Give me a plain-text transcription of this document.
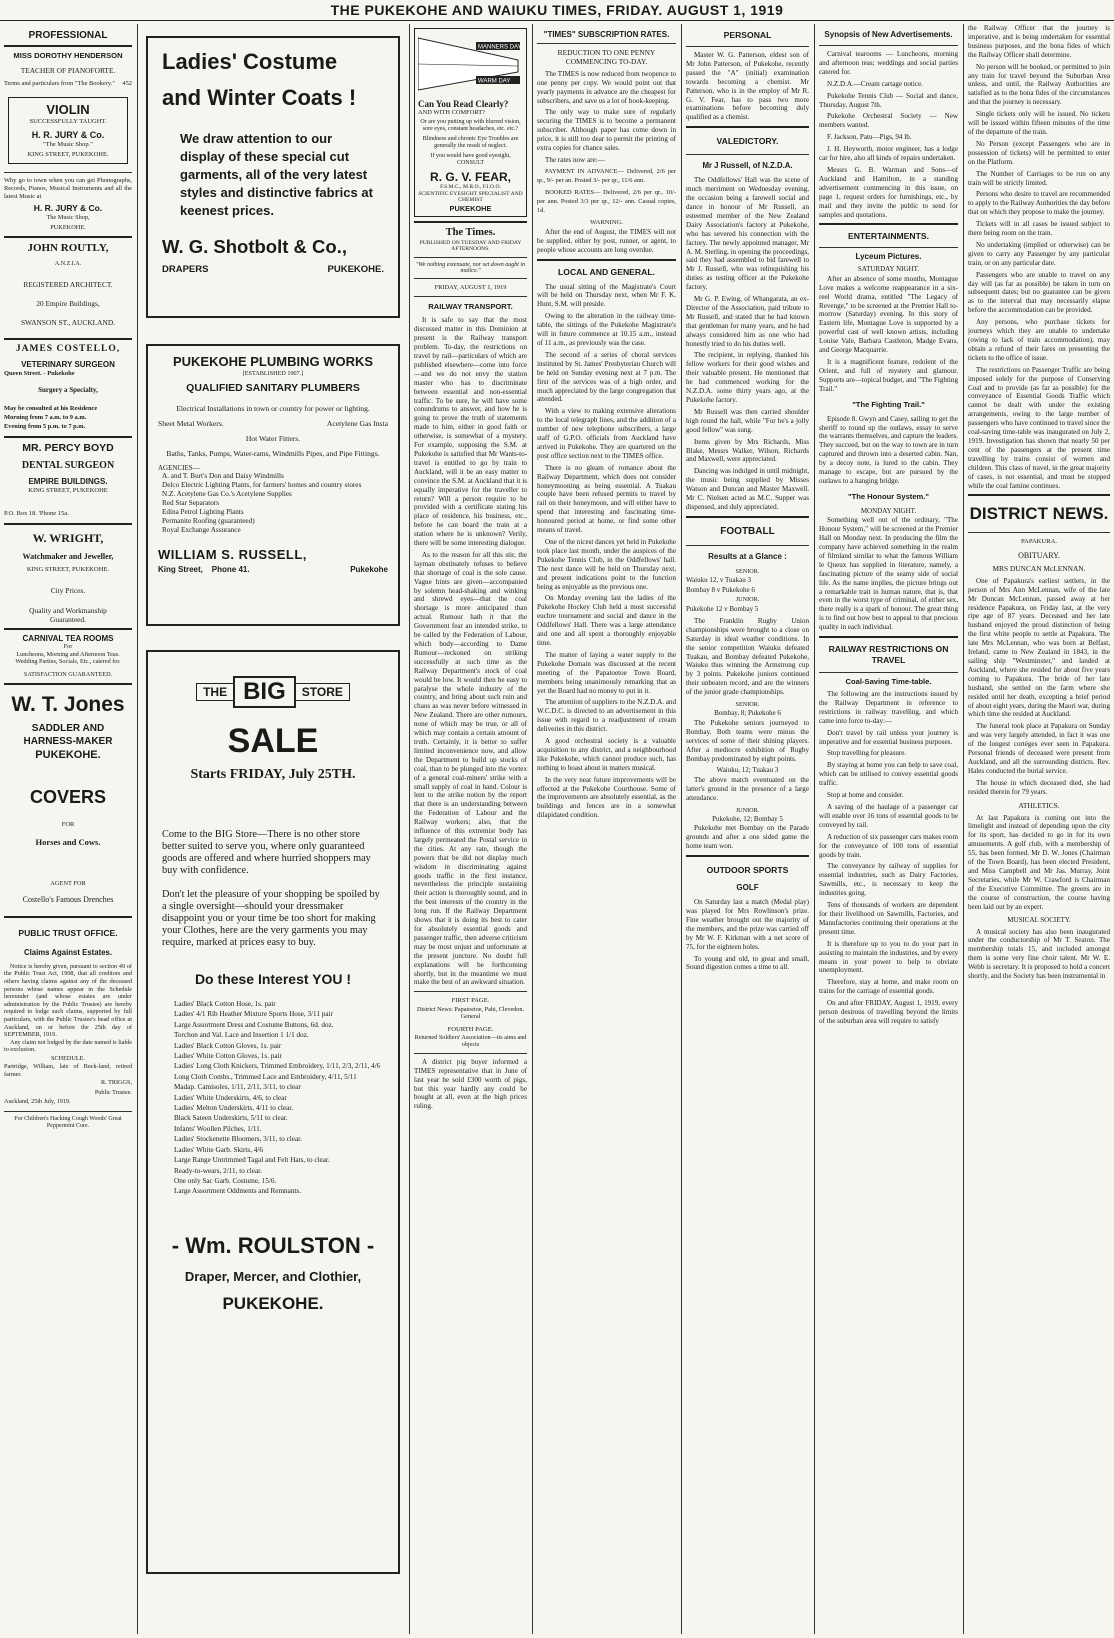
THE PUKEKOHE AND WAIUKU TIMES, FRIDAY. AUGUST 1, 1919
PROFESSIONAL
MISS DOROTHY HENDERSON
TEACHER OF PIANOFORTE.
Terms and particulars from "The Bookery." 452
VIOLIN
SUCCESSFULLY TAUGHT.
H. R. JURY & Co.
"The Music Shop."
KING STREET, PUKEKOHE.
Why go to town when you can get Phonographs, Records, Pianos, Musical Instruments and all the latest Music at
H. R. JURY & Co.
The Music Shop,
PUKEKOHE.
JOHN ROUTLY,
A.N.Z.I.A.
REGISTERED ARCHITECT.
20 Empire Buildings,
SWANSON ST., AUCKLAND.
JAMES COSTELLO,
VETERINARY SURGEON
Queen Street. - Pukekohe
Surgery a Specialty,
May be consulted at his Residence
Morning from 7 a.m. to 9 a.m.
Evening from 5 p.m. to 7 p.m.
MR. PERCY BOYD
DENTAL SURGEON
EMPIRE BUILDINGS.
KING STREET, PUKEKOHE
P.O. Box 18. 'Phone 15a.
W. WRIGHT,
Watchmaker and Jeweller,
KING STREET, PUKEKOHE.
City Prices.
Quality and Workmanship
Guaranteed.
CARNIVAL TEA ROOMS
For
Luncheons, Morning and Afternoon Teas.
Wedding Parties, Socials, Etc., catered for.
SATISFACTION GUARANTEED.
W. T. Jones
SADDLER AND
HARNESS-MAKER
PUKEKOHE.
COVERS
FOR
Horses and Cows.
AGENT FOR
Costello's Famous Drenches
PUBLIC TRUST OFFICE.
Claims Against Estates.
Notice is hereby given, pursuant to section 49 of the Public Trust Act, 1908, that all creditors and others having claims against any of the deceased persons whose names appear in the Schedule hereunder (and whose estates are under administration by the Public Trustee) are hereby required to lodge such claims, supported by full particulars, with the Public Trustee's head office at Auckland, on or before the 25th day of SEPTEMBER, 1919.
Any claim not lodged by the date named is liable to exclusion.
SCHEDULE.
Partridge, William, late of Buck-land, retired farmer.
R. TRIGGS,
Public Trustee.
Auckland, 25th July, 1919.
For Children's Hacking Cough Woods' Great Peppermint Cure.
Ladies' Costume
and Winter Coats !
We draw attention to our display of these special cut garments, all of the very latest styles and distinctive fabrics at keenest prices.
W. G. Shotbolt & Co.,
DRAPERS	PUKEKOHE.
PUKEKOHE PLUMBING WORKS
[ESTABLISHED 1907.]
QUALIFIED SANITARY PLUMBERS
Electrical Installations in town or country for power or lighting.
Sheet Metal Workers.	Acetylene Gas Insta
Hot Water Fitters.
Baths, Tanks, Pumps, Water-rams, Windmills Pipes, and Pipe Fittings.
AGENCIES—
A. and T. Burt's Don and Daisy Windmills
Delco Electric Lighting Plants, for farmers' homes and country stores
N.Z. Acetylene Gas Co.'s Acetylene Supplies
Red Star Separators
Edina Petrol Lighting Plants
Permanite Roofing (guaranteed)
Royal Exchange Assurance
WILLIAM S. RUSSELL,
King Street, Phone 41.	Pukekohe
THE BIG	STORE
SALE
Starts FRIDAY, July 25TH.
Come to the BIG Store—There is no other store better suited to serve you, where only guaranteed goods are offered and where hurried shoppers may buy with confidence.
Don't let the pleasure of your shopping be spoiled by a single oversight—should your dressmaker disappoint you or your time be too short for making your Clothes, here are the very garments you may require, marked at prices easy to buy.
Do these Interest YOU !
Ladies' Black Cotton Hose, 1s. pair
Ladies' 4/1 Rib Heather Mixture Sports Hose, 3/11 pair
Large Assortment Dress and Costume Buttons, 6d. doz.
Torchon and Val. Lace and Insertion 1 1/1 doz.
Ladies' Black Cotton Gloves, 1s. pair
Ladies' White Cotton Gloves, 1s. pair
Ladies' Long Cloth Knickers, Trimmed Embroidery, 1/11, 2/3, 2/11, 4/6
Long Cloth Combs., Trimmed Lace and Embroidery, 4/11, 5/11
Madap. Camisoles, 1/11, 2/11, 3/11, to clear
Ladies' White Underskirts, 4/6, to clear
Ladies' Melton Underskirts, 4/11 to clear.
Black Sateen Underskirts, 5/11 to clear.
Infants' Woollen Pilches, 1/11.
Ladies' Stockenette Bloomers, 3/11, to clear.
Ladies' White Garb. Skirts, 4/6
Large Range Untrimmed Tagal and Felt Hats, to clear.
Ready-to-wears, 2/11, to clear.
One only Sac Garb. Costume, 15/6.
Large Assortment Oddments and Remnants.
- Wm. ROULSTON -
Draper, Mercer, and Clothier,
PUKEKOHE.
MANNERS DAY
WARM DAY
Can You Read Clearly?
AND WITH COMFORT?
Or are you putting up with blurred vision, sore eyes, constant headaches, etc. etc.?
Blindness and chronic Eye Troubles are generally the result of neglect.
If you would have good eyesight, CONSULT
R. G. V. FEAR,
F.S.M.C., M.R.O., F.I.O.O.
SCIENTIFIC EYESIGHT SPECIALIST AND CHEMIST
PUKEKOHE
The Times.
PUBLISHED ON TUESDAY AND FRIDAY AFTERNOONS.
"We nothing extenuate, nor set down aught in malice."
FRIDAY, AUGUST 1, 1919
RAILWAY TRANSPORT.

It is safe to say that the most discussed matter in this Dominion at present is the Railway transport problem. To-day, the restrictions on travel by rail—particulars of which are published elsewhere—come into force—and we do not envy the station master who has to discriminate between essential and non-essential traffic. To be sure, he will have some conundrums to answer, and how he is going to prove the truth of statements made to him, either in good faith or otherwise, is somewhat of a mystery. For example, supposing the S.M. at Pukekohe is satisfied that Mr Wants-to-travel is entitled to go by train to Auckland, will it be an easy matter to convince the S.M. at Auckland that it is equally imperative for the traveller to return? Will a person require to be provided with a certificate stating his place of residence, his business, etc., before he can board the train at a station where he is unknown? Verily, there will be some interesting dialogue.

As to the reason for all this stir, the layman obstinately refuses to believe that shortage of coal is the sole cause. Vague hints are given—accompanied by solemn head-shaking and winking and shrewd eyes—that the coal shortage is more anticipated than actual. Rumour hath it that the Government fear an intended strike, to be called by the Federation of Labour, which body—according to Dame Rumour—reckoned on striking successfully at such time as the Railway Department's stock of coal would be low. It would then be easy to paralyse the whole industry of the country, and bring about such ruin and chaos as was never before witnessed in New Zealand. There are other rumours, none of which may be true, or all of which may contain a certain amount of truth. Certainly, it is better to suffer limited inconvenience now, and allow the Department to build up stocks of coal, than to be plunged into the vortex of a general coal-miners' strike with a small supply of coal in hand. Colour is lent to the strike notion by the report that there is an understanding between the Federation of Labour and the Railway workers; also, that the influence of this extremist body has largely permeated the Postal service in the cities. At any rate, though the powers that be did not display much wisdom in discriminating against goods traffic in the first instance, nevertheless the principle sustaining their action is thoroughly sound, and in the best interests of the country in the long run. If the Railway Department shows that it is doing its best to cater for absolutely essential goods and passenger traffic, then adverse criticism may be most unjust and unfortunate at the present juncture. No doubt full explanations will be forthcoming shortly, but in the meantime we must make the best of an awkward situation.

FIRST PAGE.
District News: Papatoetoe, Pahi, Clevedon. General
FOURTH PAGE.
Returned Soldiers' Association—its aims and objects

A district pig buyer informed a TIMES representative that in June of last year he sold £300 worth of pigs, but this year hardly any could be bought at all, even at the high prices ruling.

"TIMES" SUBSCRIPTION RATES.
REDUCTION TO ONE PENNY
COMMENCING TO-DAY.

The TIMES is now reduced from twopence to one penny per copy. We would point out that yearly payments in advance are the cheapest for subscribers, and save us a lot of book-keeping.

The only way to make sure of regularly securing the TIMES is to become a permanent subscriber. Although paper has come down in price, it is still too dear to permit the printing of extra copies for chance sales.

The rates now are:—

PAYMENT IN ADVANCE— Delivered, 2/6 per qr., 9/- per an. Posted 3/- per qr., 11/6 ann.

BOOKED RATES— Delivered, 2/6 per qr., 10/- per ann. Posted 3/3 per qr., 12/- ann. Casual copies, 1d.

WARNING.

After the end of August, the TIMES will not be supplied, either by post, runner, or agent, to people whose accounts are long overdue.

LOCAL AND GENERAL.

The usual sitting of the Magistrate's Court will be held on Thursday next, when Mr F. K. Hunt, S.M. will preside.

Owing to the alteration in the railway time-table, the sittings of the Pukekohe Magistrate's will in future commence at 10.15 a.m., instead of 11 a.m., as previously was the case.

The second of a series of choral services instituted by St. James' Presbyterian Church will be held on Sunday evening next at 7 p.m. The first of the services was of a high order, and much appreciated by the large congregation that attended.

With a view to making extensive alterations to the local telegraph lines, and the addition of a number of new telephone subscribers, a large staff of G.P.O. officials from Auckland have arrived in Pukekohe. They are quartered on the post office section next to the TIMES office.

There is no gleam of romance about the Railway Department, which does not consider honeymooning as being essential. A Tuakau couple have been refused permits to travel by rail on their honeymoon, and will either have to spend that interesting and fascinating time-honoured period at home, or find some other means of travel.

One of the nicest dances yet held in Pukekohe took place last month, under the auspices of the Pukekohe Tennis Club, in the Oddfellows' hall. The next dance will be held on Thursday next, and present indications point to the function being as enjoyable as the previous one.

On Monday evening last the ladies of the Pukekohe Hockey Club held a most successful euchre tournament and social and dance in the Oddfellows' Hall. There was a large attendance and one and all spent a thoroughly enjoyable time.

The matter of laying a water supply to the Pukekohe Domain was discussed at the recent meeting of the Papatoetoe Town Board, members being unanimously remarking that as yet the Board had no money to put in it.

The attention of suppliers to the N.Z.D.A. and W.C.D.C. is directed to an advertisement in this issue with regard to a readjustment of cream deliveries in this district.

A good orchestral society is a valuable acquisition to any district, and a neighbourhood like Pukekohe, which cannot produce such, has nothing to boast about in matters musical.

In the very near future improvements will be effected at the Pukekohe Courthouse. Some of the improvements are absolutely essential, as the buildings and fences are in a somewhat dilapidated condition.

PERSONAL

Master W. G. Patterson, eldest son of Mr John Patterson, of Pukekohe, recently passed the "A" (initial) examination towards becoming a chemist. Mr Patterson, who is in the employ of Mr R. G. V. Fear, has to pass two more examinations before becoming duly qualified as a chemist.

VALEDICTORY.
Mr J Russell, of N.Z.D.A.

The Oddfellows' Hall was the scene of much merriment on Wednesday evening, the occasion being a farewell social and dance in honour of Mr Russell, an esteemed member of the New Zealand Dairy Association's factory at Pukekohe, who has severed his connection with the factory. The newly appointed manager, Mr A. M. Sterling, in opening the proceedings, said they had assembled to bid farewell to Mr J. Russell, who was relinquishing his duties as testing officer at the Pukekohe factory.

Mr G. P. Ewing, of Whangarata, an ex-Director of the Association, paid tribute to Mr Russell, and stated that he had known that gentleman for many years, and he had always considered him as one who had honestly tried to do his duties well.

The recipient, in replying, thanked his fellow workers for their good wishes and their valuable present. He mentioned that he had commenced working for the N.Z.D.A. some thirty years ago, at the Pukekohe factory.

Mr Russell was then carried shoulder high round the hall, while "For he's a jolly good fellow" was sung.

Items given by Mrs Richards, Miss Blake, Messrs Walker, Wilson, Richards and Maxwell, were appreciated.

Dancing was indulged in until midnight, the music being supplied by Misses Watson and Duncan and Master Maxwell. Mr C. Nielsen acted as M.C. Supper was dispensed, and duly appreciated.

FOOTBALL
Results at a Glance :
SENIOR.
Waiuku 12, v Tuakau 3
Bombay 8 v Pukekohe 6
JUNIOR.
Pukekohe 12 v Bombay 5

The Franklin Rugby Union championships were brought to a close on Saturday in ideal weather conditions. In the senior competition Waiuku defeated Tuakau, and Bombay defeated Pukekohe, Waiuku thus winning the Armstrong cup by 3 points. Pukekohe juniors continued their unbeaten record, and are the winners of the junior grade championships.

SENIOR.
Bombay, 8; Pukekohe 6

The Pukekohe seniors journeyed to Bombay. Both teams were minus the services of some of their shining players. After a mediocre exhibition of Rugby Bombay predominated by eight points.

Waiuku, 12; Tuakau 3

The above match eventuated on the latter's ground in the presence of a large attendance.

JUNIOR.
Pukekohe, 12; Bombay 5

Pukekohe met Bombay on the Parade grounds and after a one sided game the home team won.

OUTDOOR SPORTS
GOLF

On Saturday last a match (Medal play) was played for Mrs Rowlinson's prize. Fine weather brought out the majority of the members, and the prize was carried off by Mr W. F. Kirkman with a net score of 75, for the eighteen holes.

To young and old, to great and small, Sound digestion comes a time to all.

Synopsis of New Advertisements.

Carnival tearooms — Luncheons, morning and afternoon teas; weddings and social parties catered for.

N.Z.D.A.—Cream cartage notice.

Pukekohe Tennis Club — Social and dance, Thursday, August 7th.

Pukekohe Orchestral Society — New members wanted.

F. Jackson, Patu—Pigs, 94 lb.

J. H. Heyworth, motor engineer, has a lodge car for hire, also all kinds of repairs undertaken.

Messrs G. B. Warman and Sons—of Auckland and Hamilton, in a standing advertisement commencing in this issue, on page 1, request orders for furnishings, etc., by mail and they invite the public to send for samples and quotations.

ENTERTAINMENTS.
Lyceum Pictures.
SATURDAY NIGHT.

After an absence of some months, Montague Love makes a welcome reappearance in a six-reel World drama, entitled "The Legacy of Revenge," to be screened at the Premier Hall to-morrow (Saturday) evening. In this story of Eastern life, Montague Love is supported by a powerful cast of well known artists, including Louise Vale, Barbara Castleton, Madge Evans, and George Macquarrie.

It is a magnificent feature, redolent of the Orient, and full of mystery and glamour. Supports are—topical budget, and "The Fighting Trail."

"The Fighting Trail."

Episode 8. Gwyn and Casey, sailing to get the sheriff to round up the outlaws, essay to serve the warrants themselves, and capture the leaders. They succeed, but on the way to town are in turn captured and thrown into a deserted cabin. Nan, by a decoy note, is lured to the cabin. They manage to escape, but are pursued by the outlaws to a hanging bridge.

"The Honour System."
MONDAY NIGHT.

Something well out of the ordinary, "The Honour System," will be screened at the Premier Hall on Monday next. In producing the film the company have achieved something in the realm of filmland similar to what the famous William le Queux has supplied in literature, namely, a fascinating picture of the seamy side of social life. As the name implies, the picture brings out a remarkable trait in human nature, that is, that even in the worst type of criminal, of either sex, there really is a spark of honour. The great thing is to find out how best to appeal to that precious quality in each individual.

RAILWAY RESTRICTIONS ON TRAVEL
Coal-Saving Time-table.

The following are the instructions issued by the Railway Department in reference to restrictions in railway travelling, and which came into force to-day:—

Don't travel by rail unless your journey is imperative and for essential business purposes.

Stop travelling for pleasure.

By staying at home you can help to save coal, which can be utilised to convey essential goods traffic.

Stop at home and consider.

A saving of the haulage of a passenger car will enable over 16 tons of essential goods to be conveyed by rail.

A reduction of six passenger cars makes room for the conveyance of 100 tons of essential goods by train.

The conveyance by railway of supplies for essential industries, such as Dairy Factories, Sawmills, etc., is necessary to keep the industries going.

Tens of thousands of workers are dependent for their livelihood on Sawmills, Factories, and Manufactories continuing their operations at the present time.

It is therefore up to you to do your part in assisting to maintain the industries, and by every means in your power to help to obviate unemployment.

Therefore, stay at home, and make room on trains for the carriage of essential goods.

On and after FRIDAY, August 1, 1919, every person desirous of travelling beyond the limits of the suburban area will require to satisfy

the Railway Officer that the journey is imperative, and is being undertaken for essential business purposes, and the bona fides of which the Railway Officer shall determine.

No person will be booked, or permitted to join any train for travel beyond the Suburban Area unless, and until, the Railway Authorities are satisfied as to the bona fides of the circumstances and that the journey is necessary.

Single tickets only will be issued. No tickets will be issued within fifteen minutes of the time of the departure of the train.

No Person (except Passengers who are in possession of tickets) will be permitted to enter on the Platform.

The Number of Carriages to be run on any train will be strictly limited.

Persons who desire to travel are recommended to apply to the Railway Authorities the day before that on which they propose to make the journey.

Tickets will in all cases be issued subject to there being room on the train.

No undertaking (implied or otherwise) can be given to carry any Passenger by any particular train, or on any particular date.

Passengers who are unable to travel on any day will (as far as possible) be taken in turn on subsequent dates; but no guarantee can be given as to the interval that may necessarily elapse before the accommodation can be provided.

Any persons, who purchase tickets for journeys which they are unable to undertake (owing to lack of train accommodation), may obtain a refund of their fares on presenting the tickets to the office of issue.

The restrictions on Passenger Traffic are being imposed solely for the purpose of Conserving Coal and to provide (as far as possible) for the conveyance of Essential Goods Traffic which cannot be dealt with under the existing arrangements, owing to the large number of passengers who have continued to travel since the coal-saving time-table was inaugurated on July 2, 1919. Investigation has shown that nearly 50 per cent of the passengers at the present time travelling by trains consist of women and children. This class of travel, in the great majority of cases, is not essential, and must be stopped while the coal famine continues.

DISTRICT NEWS.
PAPAKURA.
OBITUARY.
MRS DUNCAN McLENNAN.

One of Papakura's earliest settlers, in the person of Mrs Ann McLennan, wife of the late Mr Duncan McLennan, passed away at her residence Papakura, on Friday last, at the very ripe age of 87 years. Deceased and her late husband enjoyed the proud distinction of being the first white people to settle at Papakura. The late Mrs McLennan, who was born at Belfast, Ireland, came to New Zealand in 1843, in the sailing ship "Westminster," and landed at Auckland, where she resided for about five years coming to Papakura. The bride of her late husband, she settled on the farm where she resided until her death, excepting a brief period of about eight years, during the Maori war, during which time she resided at Auckland.

The funeral took place at Papakura on Sunday and was very largely attended, in fact it was one of the longest cortéges ever seen in Papakura. Personal friends of deceased were present from Auckland, and all the surrounding districts. Rev. Hales conducted the burial service.

The house in which deceased died, she had resided therein for 79 years.

ATHLETICS.

At last Papakura is coming out into the limelight and instead of depending upon the city for its sport, has decided to go in for its own amusements. A golf club, with a membership of 55, has been formed. Mr D. W. Jones (Chairman of the Town Board), has been elected President, and Miss Campbell and Mr Jas. Murray, Joint Secretaries, while Mr W. Crawford is Chairman of the Executive Committee. The greens are in the course of construction, the course having been laid out by an expert.

MUSICAL SOCIETY.

A musical society has also been inaugurated under the conductorship of Mr T. Seaton. The membership totals 15, and included amongst them is some very fine choir talent. Mr W. E. Webb is secretary. It is proposed to hold a concert shortly, and the Society has been instrumental in
